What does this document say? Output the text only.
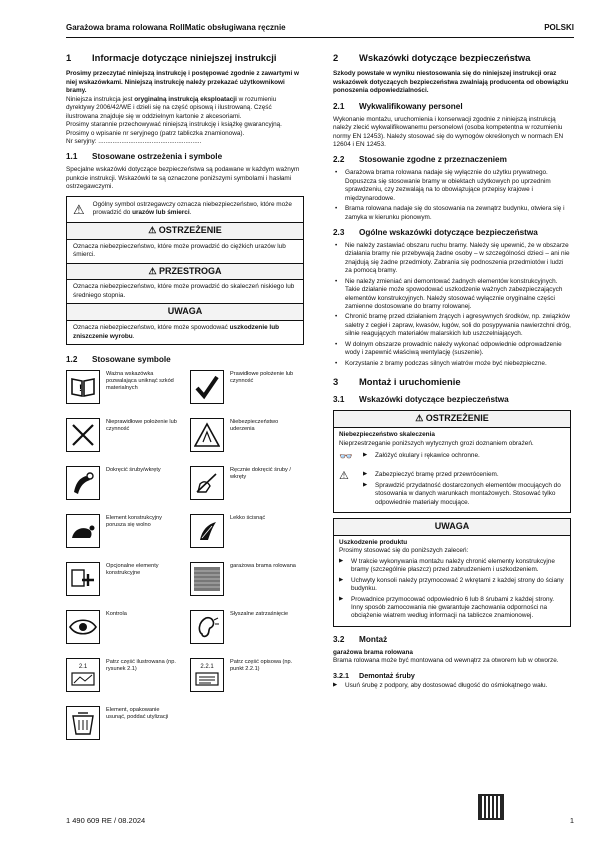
Garażowa brama rolowana RollMatic obsługiwana ręcznie	POLSKI
1	Informacje dotyczące niniejszej instrukcji

Prosimy przeczytać niniejszą instrukcję i postępować zgodnie z zawartymi w niej wskazówkami. Niniejszą instrukcję należy przekazać użytkownikowi bramy.

Niniejsza instrukcja jest oryginalną instrukcją eksploatacji w rozumieniu dyrektywy 2006/42/WE i dzieli się na część opisową i ilustrowaną. Część ilustrowana znajduje się w oddzielnym kartonie z akcesoriami.

Prosimy starannie przechowywać niniejszą instrukcję i książkę gwarancyjną.

Prosimy o wpisanie nr seryjnego (patrz tabliczka znamionowa).

Nr seryjny: ..........................................................

1.1	Stosowane ostrzeżenia i symbole

Specjalne wskazówki dotyczące bezpieczeństwa są podawane w każdym ważnym punkcie instrukcji. Wskazówki te są oznaczone poniższymi symbolami i hasłami ostrzegawczymi.

⚠ Ogólny symbol ostrzegawczy oznacza niebezpieczeństwo, które może prowadzić do urazów lub śmierci.
⚠ OSTRZEŻENIE
Oznacza niebezpieczeństwo, które może prowadzić do ciężkich urazów lub śmierci.
⚠ PRZESTROGA
Oznacza niebezpieczeństwo, które może prowadzić do skaleczeń niskiego lub średniego stopnia.
UWAGA
Oznacza niebezpieczeństwo, które może spowodować uszkodzenie lub zniszczenie wyrobu.
1.2	Stosowane symbole
!
Ważna wskazówka pozwalająca uniknąć szkód materialnych
Prawidłowe położenie lub czynność
Nieprawidłowe położenie lub czynność
Niebezpieczeństwo uderzenia
Dokręcić śruby/wkręty	Ręcznie dokręcić śruby / wkręty
Element konstrukcyjny porusza się wolno
Lekko ścisnąć
Opcjonalne elementy konstrukcyjne
garażowa brama rolowana
Kontrola	Słyszalne zatrzaśnięcie
2.1
Patrz część ilustrowana (np. rysunek 2.1)	2.2.1
Patrz część opisowa (np. punkt 2.2.1)
Element, opakowanie usunąć, poddać utylizacji
2	Wskazówki dotyczące bezpieczeństwa

Szkody powstałe w wyniku niestosowania się do niniejszej instrukcji oraz wskazówek dotyczących bezpieczeństwa zwalniają producenta od obowiązku ponoszenia odpowiedzialności.

2.1	Wykwalifikowany personel

Wykonanie montażu, uruchomienia i konserwacji zgodnie z niniejszą instrukcją należy zlecić wykwalifikowanemu personelowi (osoba kompetentna w rozumieniu normy EN 12453). Należy stosować się do wymogów określonych w normach EN 12604 i EN 12453.

2.2	Stosowanie zgodne z przeznaczeniem
• Garażowa brama rolowana nadaje się wyłącznie do użytku prywatnego. Dopuszcza się stosowanie bramy w obiektach użytkowych po uprzednim sprawdzeniu, czy zezwalają na to obowiązujące przepisy krajowe i międzynarodowe.
• Brama rolowana nadaje się do stosowania na zewnątrz budynku, otwiera się i zamyka w kierunku pionowym.
2.3	Ogólne wskazówki dotyczące bezpieczeństwa
• Nie należy zastawiać obszaru ruchu bramy. Należy się upewnić, że w obszarze działania bramy nie przebywają żadne osoby – w szczególności dzieci – ani nie znajdują się żadne przedmioty. Zabrania się podnoszenia przedmiotów i ludzi za pomocą bramy.
• Nie należy zmieniać ani demontować żadnych elementów konstrukcyjnych. Takie działanie może spowodować uszkodzenie ważnych zabezpieczających elementów konstrukcyjnych. Należy stosować wyłącznie oryginalne części zamienne dostosowane do bramy rolowanej.
• Chronić bramę przed działaniem żrących i agresywnych środków, np. związków saletry z cegieł i zapraw, kwasów, ługów, soli do posypywania nawierzchni dróg, silnie reagujących materiałów malarskich lub uszczelniających.
• W dolnym obszarze prowadnic należy wykonać odpowiednie odprowadzenie wody i zapewnić właściwą wentylację (suszenie).
• Korzystanie z bramy podczas silnych wiatrów może być niebezpieczne.
3	Montaż i uruchomienie
3.1	Wskazówki dotyczące bezpieczeństwa
⚠ OSTRZEŻENIE

Niebezpieczeństwo skaleczenia

Nieprzestrzeganie poniższych wytycznych grozi doznaniem obrażeń.

👓	▶ Załóżyć okulary i rękawice ochronne.
⚠	▶ Zabezpieczyć bramę przed przewróceniem.
▶ Sprawdzić przydatność dostarczonych elementów mocujących do stosowania w danych warunkach montażowych. Stosować tylko odpowiednie materiały mocujące.
UWAGA

Uszkodzenie produktu

Prosimy stosować się do poniższych zaleceń:

▶ W trakcie wykonywania montażu należy chronić elementy konstrukcyjne bramy (szczególnie płaszcz) przed zabrudzeniem i uszkodzeniem.
▶ Uchwyty konsoli należy przymocować 2 wkrętami z każdej strony do ściany budynku.
▶ Prowadnice przymocować odpowiednio 6 lub 8 śrubami z każdej strony. Inny sposób zamocowania nie gwarantuje zachowania odporności na obciążenie wiatrem według informacji na tabliczce znamionowej.
3.2	Montaż

garażowa brama rolowana

Brama rolowana może być montowana od wewnątrz za otworem lub w otworze.

3.2.1	Demontaż śruby
▶ Usuń śrubę z podpory, aby dostosować długość do ośmiokątnego wału.
1 490 609 RE / 08.2024	1
